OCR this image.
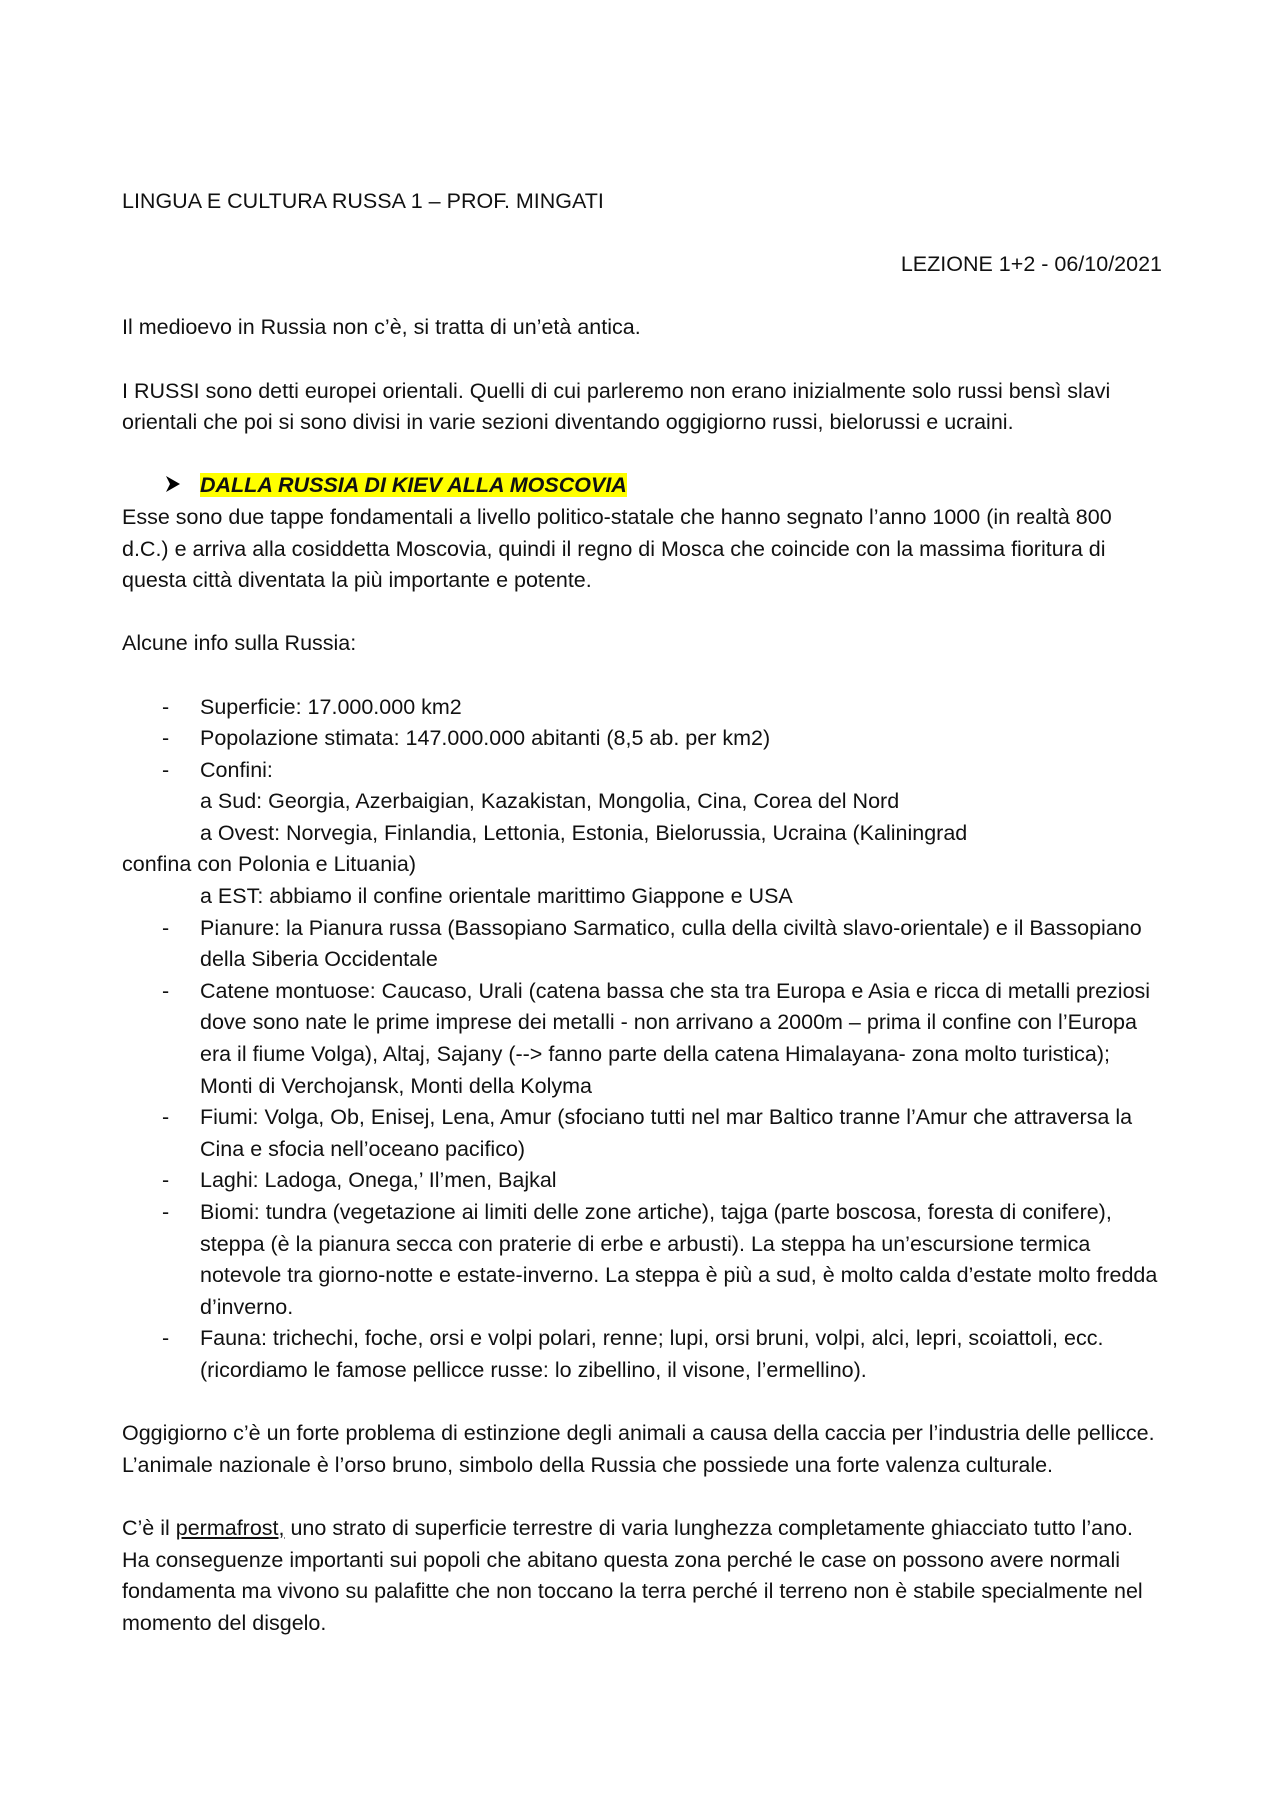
LINGUA E CULTURA RUSSA 1 – PROF. MINGATI

LEZIONE 1+2 - 06/10/2021

Il medioevo in Russia non c’è, si tratta di un’età antica.

I RUSSI sono detti europei orientali. Quelli di cui parleremo non erano inizialmente solo russi bensì slavi orientali che poi si sono divisi in varie sezioni diventando oggigiorno russi, bielorussi e ucraini.

DALLA RUSSIA DI KIEV ALLA MOSCOVIA

Esse sono due tappe fondamentali a livello politico-statale che hanno segnato l’anno 1000 (in realtà 800 d.C.) e arriva alla cosiddetta Moscovia, quindi il regno di Mosca che coincide con la massima fioritura di questa città diventata la più importante e potente.

Alcune info sulla Russia:

- Superficie: 17.000.000 km2
- Popolazione stimata: 147.000.000 abitanti (8,5 ab. per km2)
- Confini:

a Sud: Georgia, Azerbaigian, Kazakistan, Mongolia, Cina, Corea del Nord

a Ovest: Norvegia, Finlandia, Lettonia, Estonia, Bielorussia, Ucraina (Kaliningrad

confina con Polonia e Lituania)

a EST: abbiamo il confine orientale marittimo Giappone e USA

- Pianure: la Pianura russa (Bassopiano Sarmatico, culla della civiltà slavo-orientale) e il Bassopiano della Siberia Occidentale
- Catene montuose: Caucaso, Urali (catena bassa che sta tra Europa e Asia e ricca di metalli preziosi dove sono nate le prime imprese dei metalli - non arrivano a 2000m – prima il confine con l’Europa era il fiume Volga), Altaj, Sajany (--> fanno parte della catena Himalayana- zona molto turistica); Monti di Verchojansk, Monti della Kolyma
- Fiumi: Volga, Ob, Enisej, Lena, Amur (sfociano tutti nel mar Baltico tranne l’Amur che attraversa la Cina e sfocia nell’oceano pacifico)
- Laghi: Ladoga, Onega,’ Il’men, Bajkal
- Biomi: tundra (vegetazione ai limiti delle zone artiche), tajga (parte boscosa, foresta di conifere), steppa (è la pianura secca con praterie di erbe e arbusti). La steppa ha un’escursione termica notevole tra giorno-notte e estate-inverno. La steppa è più a sud, è molto calda d’estate molto fredda d’inverno.
- Fauna: trichechi, foche, orsi e volpi polari, renne; lupi, orsi bruni, volpi, alci, lepri, scoiattoli, ecc. (ricordiamo le famose pellicce russe: lo zibellino, il visone, l’ermellino).

Oggigiorno c’è un forte problema di estinzione degli animali a causa della caccia per l’industria delle pellicce. L’animale nazionale è l’orso bruno, simbolo della Russia che possiede una forte valenza culturale.

C’è il permafrost, uno strato di superficie terrestre di varia lunghezza completamente ghiacciato tutto l’ano. Ha conseguenze importanti sui popoli che abitano questa zona perché le case on possono avere normali fondamenta ma vivono su palafitte che non toccano la terra perché il terreno non è stabile specialmente nel momento del disgelo.
